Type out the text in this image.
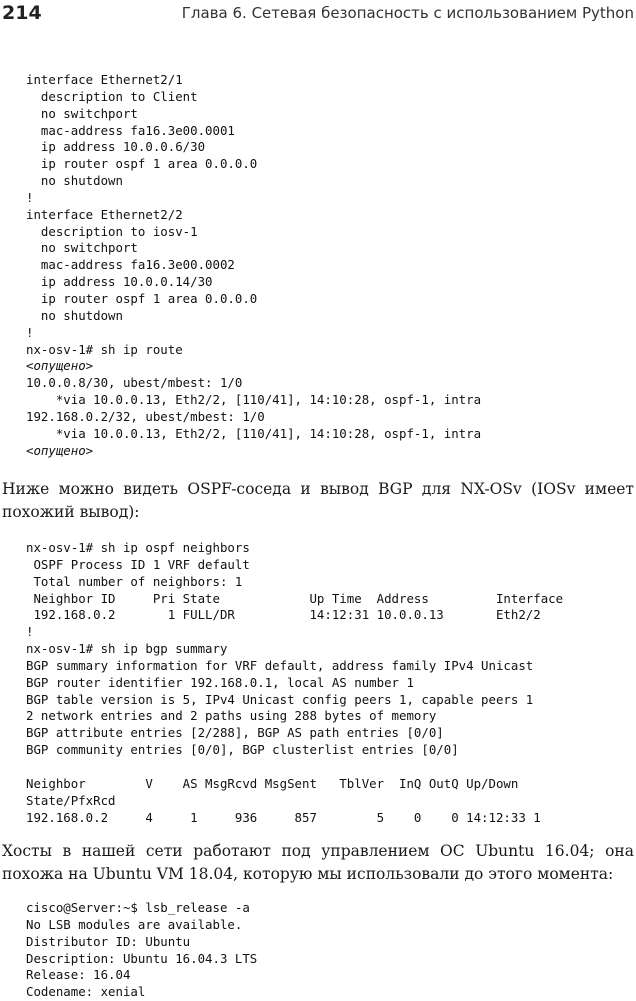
214	Глава 6. Сетевая безопасность с использованием Python
interface Ethernet2/1
description to Client
no switchport
mac-address fa16.3e00.0001
ip address 10.0.0.6/30
ip router ospf 1 area 0.0.0.0
no shutdown
!
interface Ethernet2/2
description to iosv-1
no switchport
mac-address fa16.3e00.0002
ip address 10.0.0.14/30
ip router ospf 1 area 0.0.0.0
no shutdown
!
nx-osv-1# sh ip route
<опущено>
10.0.0.8/30, ubest/mbest: 1/0
*via 10.0.0.13, Eth2/2, [110/41], 14:10:28, ospf-1, intra
192.168.0.2/32, ubest/mbest: 1/0
*via 10.0.0.13, Eth2/2, [110/41], 14:10:28, ospf-1, intra
<опущено>

Ниже можно видеть OSPF-соседа и вывод BGP для NX-OSv (IOSv имеет похожий вывод):

nx-osv-1# sh ip ospf neighbors
OSPF Process ID 1 VRF default
Total number of neighbors: 1
Neighbor ID     Pri State            Up Time  Address         Interface
192.168.0.2       1 FULL/DR          14:12:31 10.0.0.13       Eth2/2
!
nx-osv-1# sh ip bgp summary
BGP summary information for VRF default, address family IPv4 Unicast
BGP router identifier 192.168.0.1, local AS number 1
BGP table version is 5, IPv4 Unicast config peers 1, capable peers 1
2 network entries and 2 paths using 288 bytes of memory
BGP attribute entries [2/288], BGP AS path entries [0/0]
BGP community entries [0/0], BGP clusterlist entries [0/0]
Neighbor        V    AS MsgRcvd MsgSent   TblVer  InQ OutQ Up/Down
State/PfxRcd
192.168.0.2     4     1     936     857        5    0    0 14:12:33 1

Хосты в нашей сети работают под управлением ОС Ubuntu 16.04; она похожа на Ubuntu VM 18.04, которую мы использовали до этого момента:

cisco@Server:~$ lsb_release -a
No LSB modules are available.
Distributor ID: Ubuntu
Description: Ubuntu 16.04.3 LTS
Release: 16.04
Codename: xenial
